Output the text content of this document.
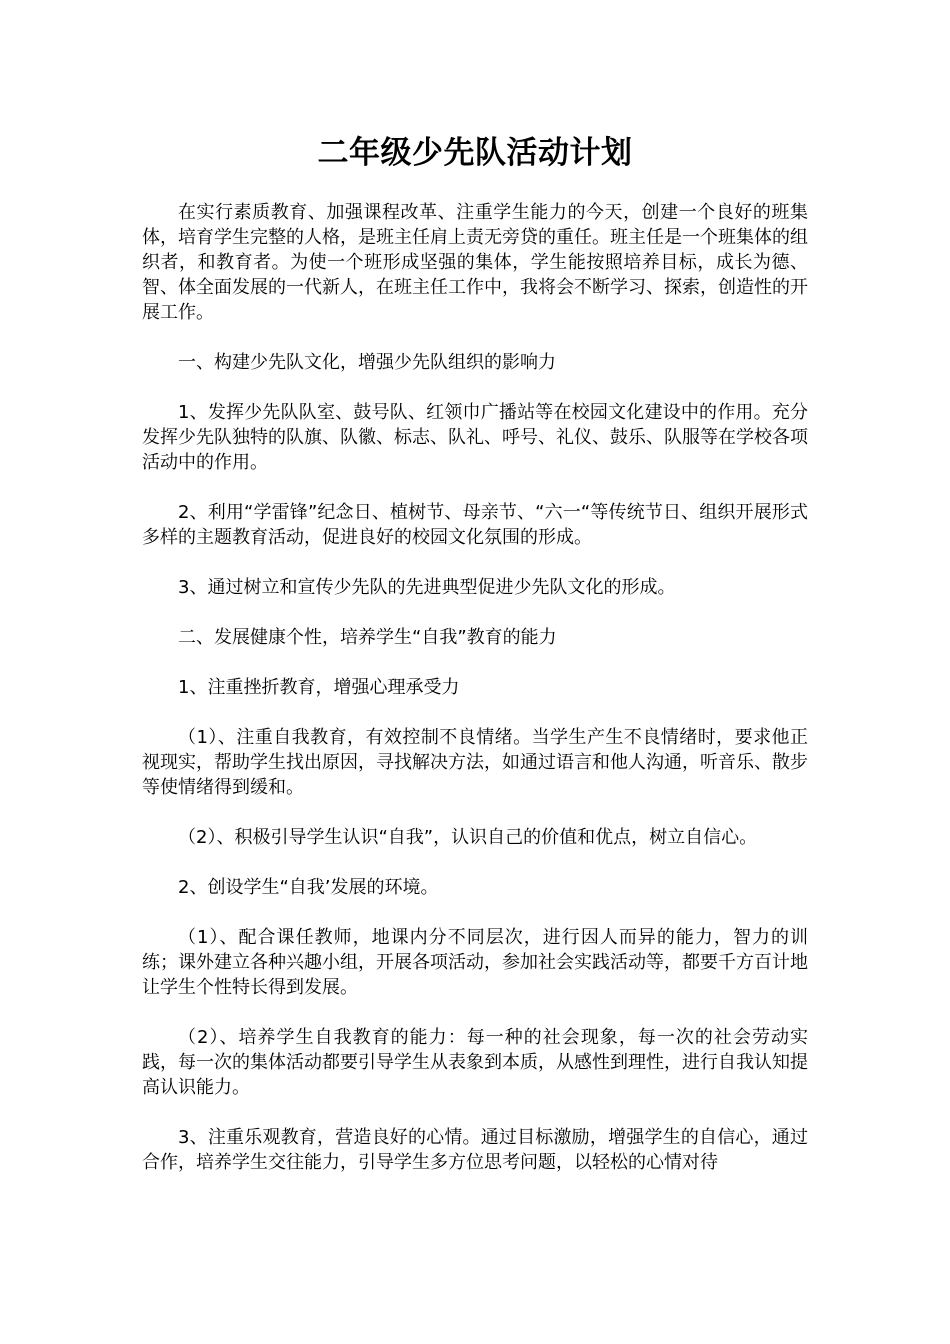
二年级少先队活动计划

在实行素质教育、加强课程改革、注重学生能力的今天，创建一个良好的班集体，培育学生完整的人格，是班主任肩上责无旁贷的重任。班主任是一个班集体的组织者，和教育者。为使一个班形成坚强的集体，学生能按照培养目标，成长为德、智、体全面发展的一代新人，在班主任工作中，我将会不断学习、探索，创造性的开展工作。

一、构建少先队文化，增强少先队组织的影响力

1、发挥少先队队室、鼓号队、红领巾广播站等在校园文化建设中的作用。充分发挥少先队独特的队旗、队徽、标志、队礼、呼号、礼仪、鼓乐、队服等在学校各项活动中的作用。

2、利用“学雷锋”纪念日、植树节、母亲节、“六一“等传统节日、组织开展形式多样的主题教育活动，促进良好的校园文化氛围的形成。

3、通过树立和宣传少先队的先进典型促进少先队文化的形成。

二、发展健康个性，培养学生“自我”教育的能力

1、注重挫折教育，增强心理承受力

（1）、注重自我教育，有效控制不良情绪。当学生产生不良情绪时，要求他正视现实，帮助学生找出原因，寻找解决方法，如通过语言和他人沟通，听音乐、散步等使情绪得到缓和。

（2）、积极引导学生认识“自我”，认识自己的价值和优点，树立自信心。

2、创设学生“自我’发展的环境。

（1）、配合课任教师，地课内分不同层次，进行因人而异的能力，智力的训练；课外建立各种兴趣小组，开展各项活动，参加社会实践活动等，都要千方百计地让学生个性特长得到发展。

（2）、培养学生自我教育的能力：每一种的社会现象，每一次的社会劳动实践，每一次的集体活动都要引导学生从表象到本质，从感性到理性，进行自我认知提高认识能力。

3、注重乐观教育，营造良好的心情。通过目标激励，增强学生的自信心，通过合作，培养学生交往能力，引导学生多方位思考问题，以轻松的心情对待
